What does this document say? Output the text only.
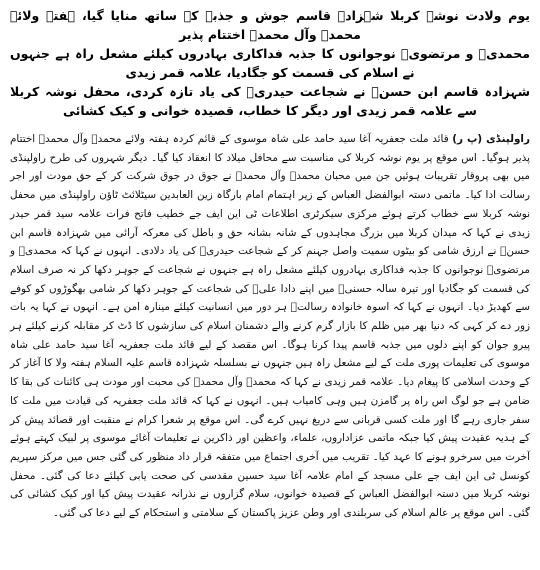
یوم ولادت نوشہ کربلا شہزادہ قاسم جوش و جذبے کے ساتھ منایا گیا، ہفتہ ولائے محمدؐ وآل محمدؐ اختتام پذیر

محمدیؐ و مرتضویؑ نوجوانوں کا جذبہ فداکاری بہادروں کیلئے مشعل راہ ہے جنہوں نے اسلام کی قسمت کو جگادیا، علامہ قمر زیدی

شہزادہ قاسم ابن حسنؑ نے شجاعت حیدریؑ کی یاد تازہ کردی، محفل نوشہ کربلا سے علامہ قمر زیدی اور دیگر کا خطاب، قصیدہ خوانی و کیک کشائی

راولپنڈی (پ ر) قائد ملت جعفریہ آغا سید حامد علی شاہ موسوی کے قائم کردہ ہفتہ ولائے محمدؐ وآل محمدؐ اختتام پذیر ہوگیا۔ اس موقع پر یوم نوشہ کربلا کی مناسبت سے محافل میلاد کا انعقاد کیا گیا۔ دیگر شہروں کی طرح راولپنڈی میں بھی پروقار تقریبات ہوئیں جن میں محبان محمدؐ وآل محمدؐ نے جوق در جوق شرکت کر کے حق مودت اور اجر رسالت ادا کیا۔ ماتمی دستہ ابوالفضل العباس کے زیر اہتمام امام بارگاہ زین العابدین سیٹلائٹ ٹاؤن راولپنڈی میں محفل نوشہ کربلا سے خطاب کرتے ہوئے مرکزی سیکرٹری اطلاعات ٹی این ایف جے خطیب فاتح فرات علامہ سید قمر حیدر زیدی نے کہا کہ میدان کربلا میں بزرگ مجاہدوں کے شانہ بشانہ حق و باطل کی معرکہ آرائی میں شہزادہ قاسم ابن حسنؑ نے ارزق شامی کو بیٹوں سمیت واصل جہنم کر کے شجاعت حیدریؑ کی یاد دلادی۔ انہوں نے کہا کہ محمدیؐ و مرتضویؑ نوجوانوں کا جذبہ فداکاری بہادروں کیلئے مشعل راہ ہے جنہوں نے شجاعت کے جوہر دکھا کر نہ صرف اسلام کی قسمت کو جگادیا اور تیرہ سالہ حسنیؑ میں اپنے دادا علیؑ کی شجاعت کے جوہر دکھا کر شامی بھگوڑوں کو کوفے سے کھدیڑ دیا۔ انہوں نے کہا کہ اسوہ خانوادہ رسالتؐ ہر دور میں انسانیت کیلئے مینارہ امن ہے۔ انہوں نے کہا یہ بات زور دے کر کہی کہ دنیا بھر میں ظلم کا بازار گرم کرنے والے دشمنان اسلام کی سازشوں کا ڈٹ کر مقابلہ کرنے کیلئے ہر پیرو جوان کو اپنے دلوں میں جذبہ قاسم پیدا کرنا ہوگا۔ اس مقصد کے لیے قائد ملت جعفریہ آغا سید حامد علی شاہ موسوی کی تعلیمات پوری ملت کے لیے مشعل راہ ہیں جنہوں نے بسلسلہ شہزادہ قاسم علیہ السلام ہفتہ ولا کا آغاز کر کے وحدت اسلامی کا پیغام دیا۔ علامہ قمر زیدی نے کہا کہ محمدؐ وآل محمدؐ کی محبت اور مودت ہی کائنات کی بقا کا ضامن ہے جو لوگ اس راہ پر گامزن ہیں وہی کامیاب ہیں۔ انہوں نے کہا کہ قائد ملت جعفریہ کی قیادت میں ملت کا سفر جاری رہے گا اور ملت کسی قربانی سے دریغ نہیں کرے گی۔ اس موقع پر شعرا کرام نے منقبت اور قصائد پیش کر کے ہدیہ عقیدت پیش کیا جبکہ ماتمی عزاداروں، علماء، واعظین اور ذاکرین نے تعلیمات آغائے موسوی پر لبیک کہتے ہوئے آخرت میں سرخرو ہونے کا عہد کیا۔ تقریب میں آخری اجتماع میں متفقہ قرار داد منظور کی گئی جس میں مرکز سپریم کونسل ٹی این ایف جے علی مسجد کے امام علامہ آغا سید حسین مقدسی کی صحت یابی کیلئے دعا کی گئی۔ محفل نوشہ کربلا میں دستہ ابوالفضل العباس کے قصیدہ خوانوں، سلام گزاروں نے نذرانہ عقیدت پیش کیا اور کیک کشائی کی گئی۔ اس موقع پر عالم اسلام کی سربلندی اور وطن عزیز پاکستان کے سلامتی و استحکام کے لیے دعا کی گئی۔
